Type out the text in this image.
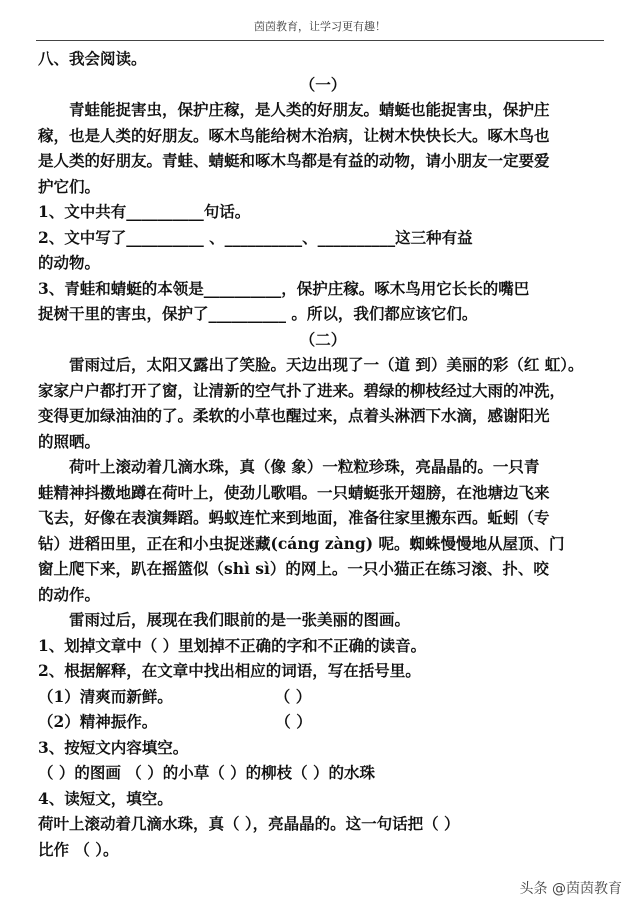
茵茵教育，让学习更有趣！
八、我会阅读。
（一）
青蛙能捉害虫，保护庄稼，是人类的好朋友。蜻蜓也能捉害虫，保护庄
稼，也是人类的好朋友。啄木鸟能给树木治病，让树木快快长大。啄木鸟也
是人类的好朋友。青蛙、蜻蜓和啄木鸟都是有益的动物，请小朋友一定要爱
护它们。
1、文中共有__________句话。
2、文中写了__________ 、__________、__________这三种有益
的动物。
3、青蛙和蜻蜓的本领是__________，保护庄稼。啄木鸟用它长长的嘴巴
捉树干里的害虫，保护了__________ 。所以，我们都应该它们。
（二）
雷雨过后，太阳又露出了笑脸。天边出现了一（道 到）美丽的彩（红 虹）。
家家户户都打开了窗，让清新的空气扑了进来。碧绿的柳枝经过大雨的冲洗，
变得更加绿油油的了。柔软的小草也醒过来，点着头淋洒下水滴，感谢阳光
的照晒。
荷叶上滚动着几滴水珠，真（像 象）一粒粒珍珠，亮晶晶的。一只青
蛙精神抖擞地蹲在荷叶上，使劲儿歌唱。一只蜻蜓张开翅膀，在池塘边飞来
飞去，好像在表演舞蹈。蚂蚁连忙来到地面，准备往家里搬东西。蚯蚓（专
钻）进稻田里，正在和小虫捉迷藏(cáng zàng) 呢。蜘蛛慢慢地从屋顶、门
窗上爬下来，趴在摇篮似（shì sì）的网上。一只小猫正在练习滚、扑、咬
的动作。
雷雨过后，展现在我们眼前的是一张美丽的图画。
1、划掉文章中（ ）里划掉不正确的字和不正确的读音。
2、根据解释，在文章中找出相应的词语，写在括号里。
（1）清爽而新鲜。	（ ）
（2）精神振作。	（ ）
3、按短文内容填空。
（ ）的图画 （ ）的小草（ ）的柳枝（ ）的水珠
4、读短文，填空。
荷叶上滚动着几滴水珠，真（ ），亮晶晶的。这一句话把（ ）
比作 （ ）。
头条 @茵茵教育
